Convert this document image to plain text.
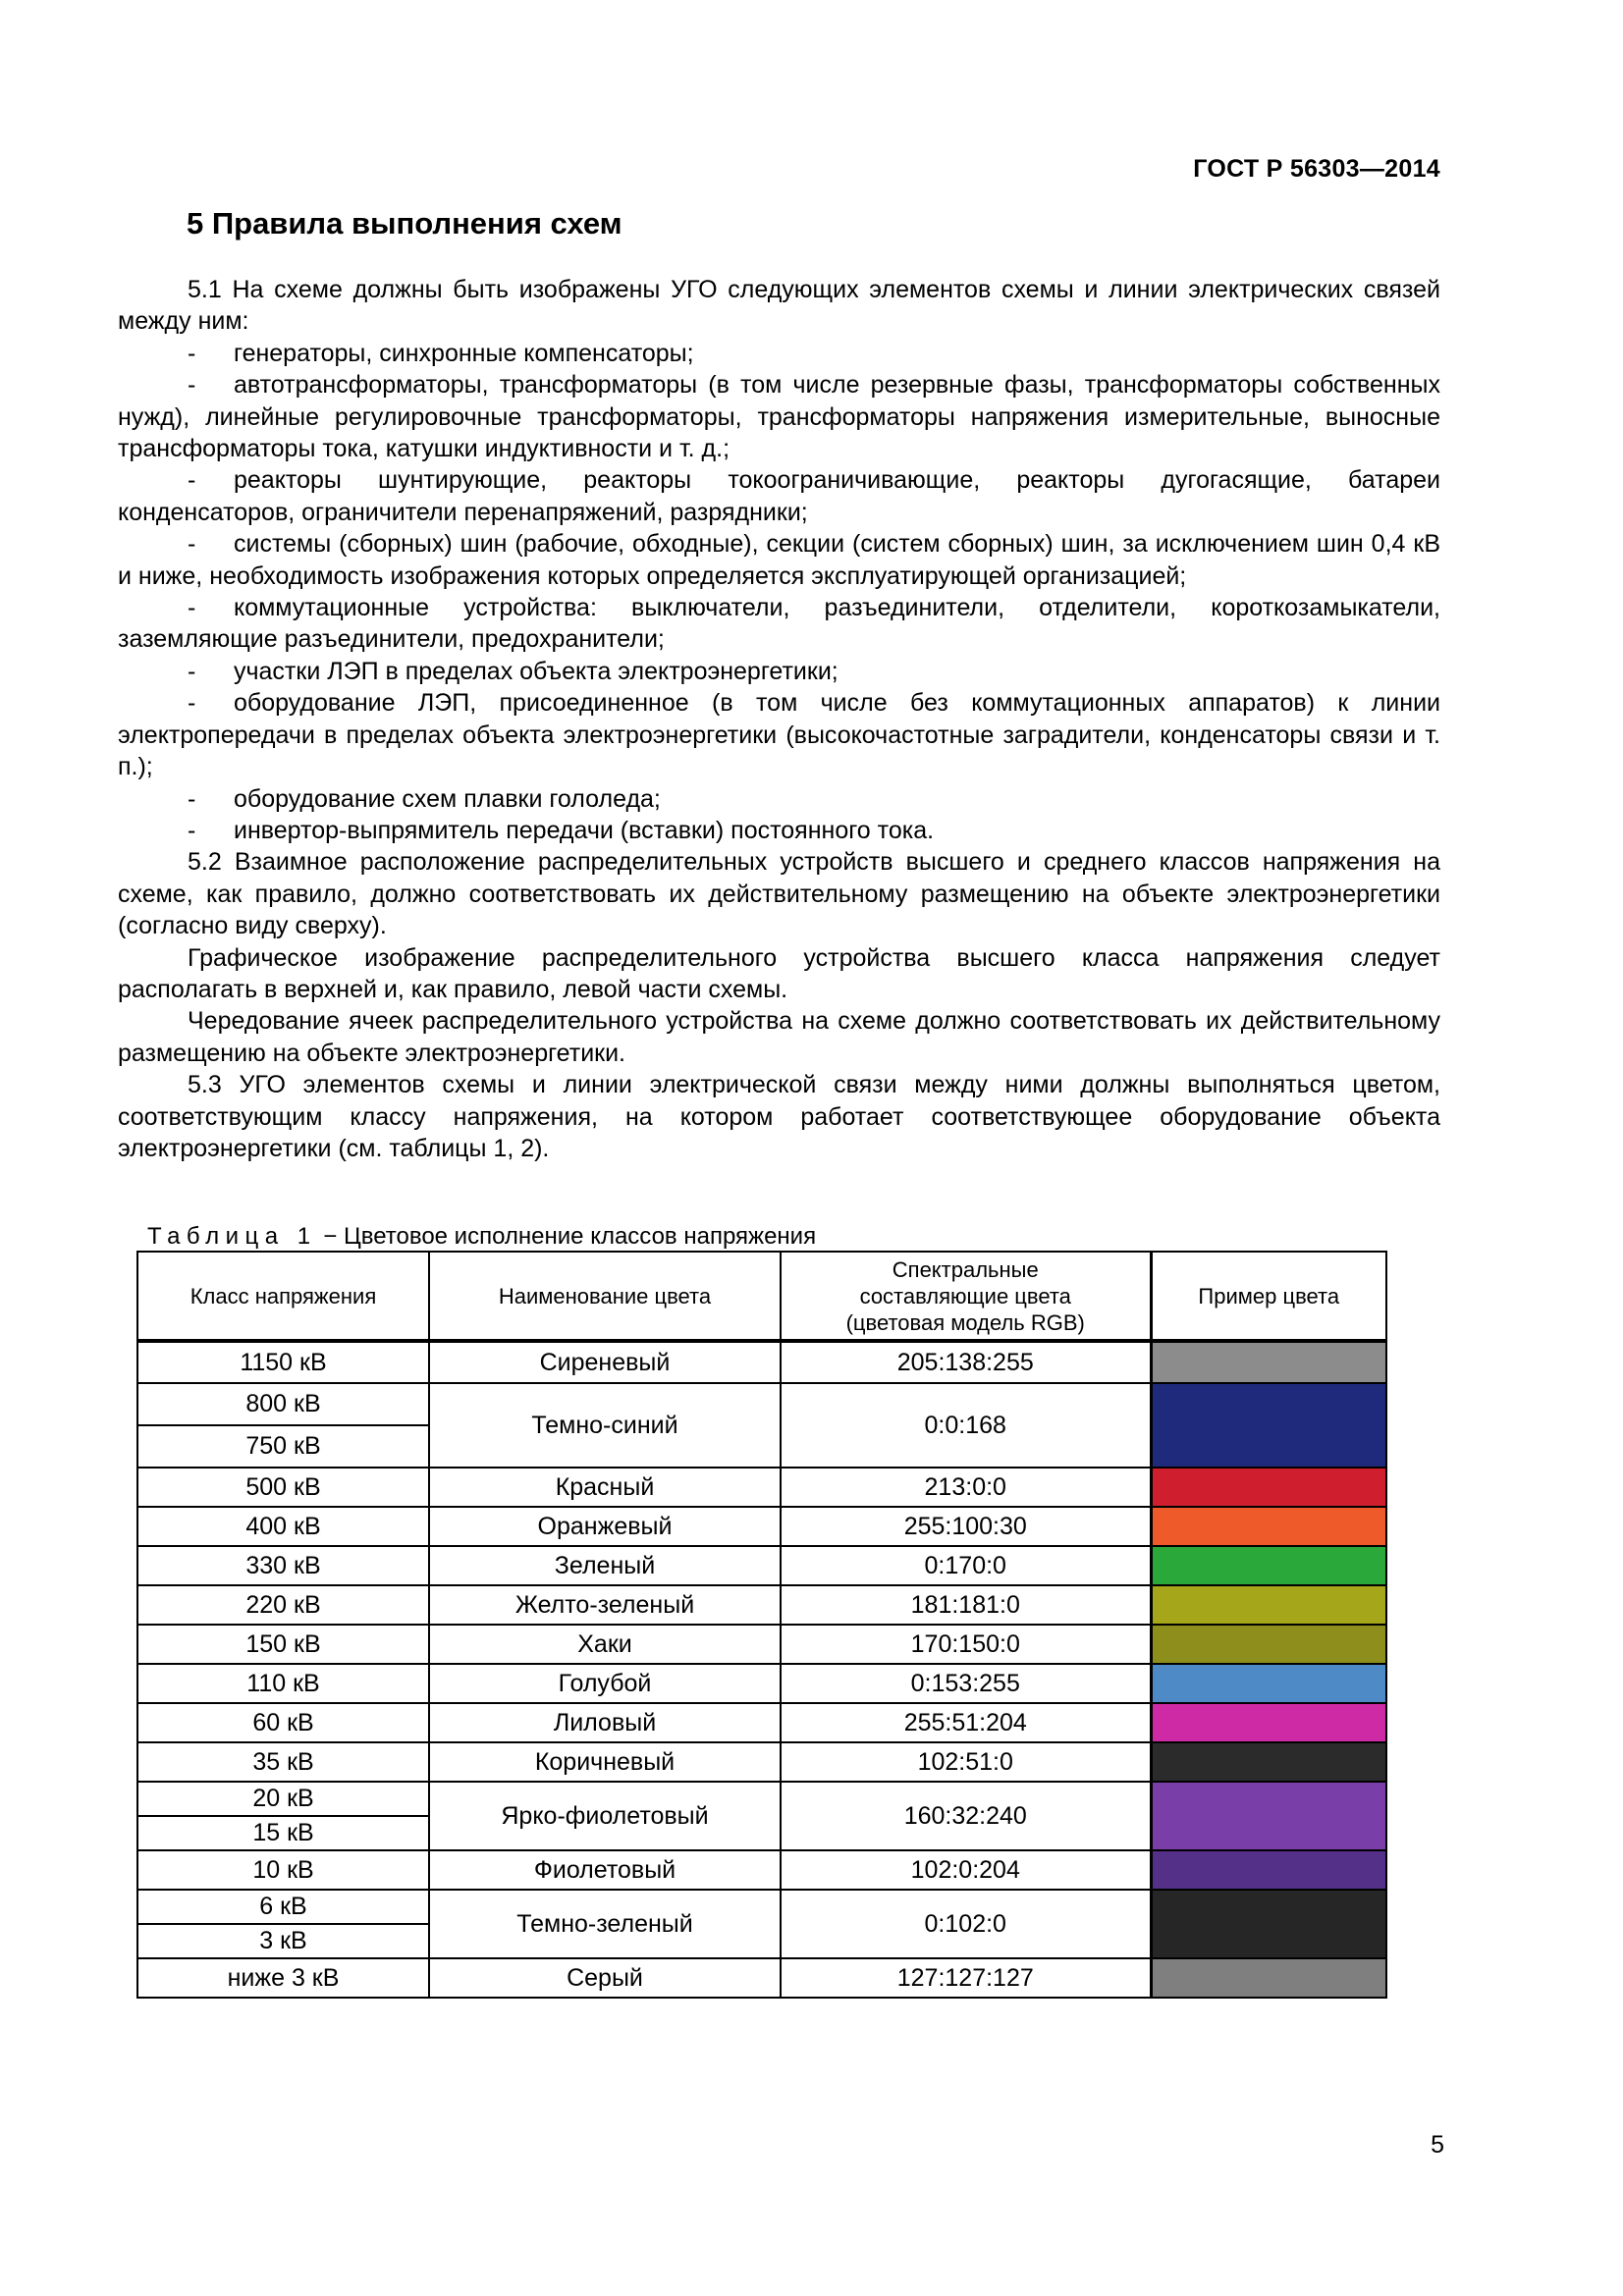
ГОСТ Р 56303—2014
5 Правила выполнения схем

5.1 На схеме должны быть изображены УГО следующих элементов схемы и линии электрических связей между ним:

- генераторы, синхронные компенсаторы;

- автотрансформаторы, трансформаторы (в том числе резервные фазы, трансформаторы собственных нужд), линейные регулировочные трансформаторы, трансформаторы напряжения измерительные, выносные трансформаторы тока, катушки индуктивности и т. д.;

- реакторы шунтирующие, реакторы токоограничивающие, реакторы дугогасящие, батареи конденсаторов, ограничители перенапряжений, разрядники;

- системы (сборных) шин (рабочие, обходные), секции (систем сборных) шин, за исключением шин 0,4 кВ и ниже, необходимость изображения которых определяется эксплуатирующей организацией;

- коммутационные устройства: выключатели, разъединители, отделители, короткозамыкатели, заземляющие разъединители, предохранители;

- участки ЛЭП в пределах объекта электроэнергетики;

- оборудование ЛЭП, присоединенное (в том числе без коммутационных аппаратов) к линии электропередачи в пределах объекта электроэнергетики (высокочастотные заградители, конденсаторы связи и т. п.);

- оборудование схем плавки гололеда;

- инвертор-выпрямитель передачи (вставки) постоянного тока.

5.2 Взаимное расположение распределительных устройств высшего и среднего классов напряжения на схеме, как правило, должно соответствовать их действительному размещению на объекте электроэнергетики (согласно виду сверху).

Графическое изображение распределительного устройства высшего класса напряжения следует располагать в верхней и, как правило, левой части схемы.

Чередование ячеек распределительного устройства на схеме должно соответствовать их действительному размещению на объекте электроэнергетики.

5.3 УГО элементов схемы и линии электрической связи между ними должны выполняться цветом, соответствующим классу напряжения, на котором работает соответствующее оборудование объекта электроэнергетики (см. таблицы 1, 2).

Таблица 1 − Цветовое исполнение классов напряжения
Класс напряжения	Наименование цвета	Спектральные составляющие цвета (цветовая модель RGB)	Пример цвета
1150 кВ	Сиреневый	205:138:255	
800 кВ	Темно-синий	0:0:168	
750 кВ			
500 кВ	Красный	213:0:0	
400 кВ	Оранжевый	255:100:30	
330 кВ	Зеленый	0:170:0	
220 кВ	Желто-зеленый	181:181:0	
150 кВ	Хаки	170:150:0	
110 кВ	Голубой	0:153:255	
60 кВ	Лиловый	255:51:204	
35 кВ	Коричневый	102:51:0	
20 кВ	Ярко-фиолетовый	160:32:240	
15 кВ			
10 кВ	Фиолетовый	102:0:204	
6 кВ	Темно-зеленый	0:102:0	
3 кВ			
ниже 3 кВ	Серый	127:127:127	
5
